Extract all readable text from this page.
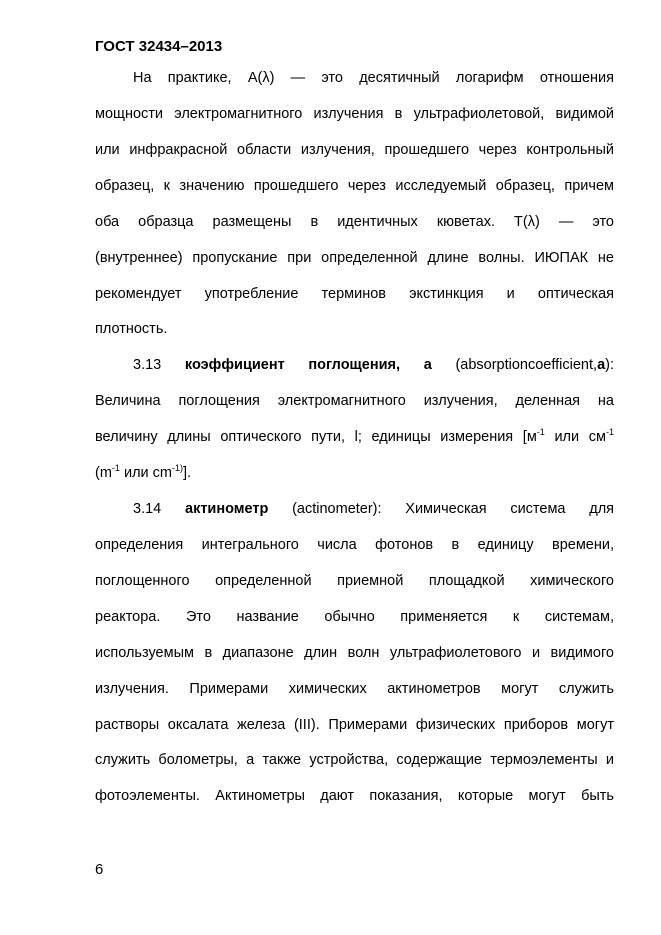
ГОСТ 32434–2013
На практике, A(λ) — это десятичный логарифм отношения
мощности электромагнитного излучения в ультрафиолетовой, видимой
или инфракрасной области излучения, прошедшего через контрольный
образец, к значению прошедшего через исследуемый образец, причем
оба образца размещены в идентичных кюветах. T(λ) — это
(внутреннее) пропускание при определенной длине волны. ИЮПАК не
рекомендует употребление терминов экстинкция и оптическая
плотность.
3.13 коэффициент поглощения, a (absorptioncoefficient,a):
Величина поглощения электромагнитного излучения, деленная на
величину длины оптического пути, l; единицы измерения [$м^{-1}$ или $см^{-1}$
($m^{-1}$ или $cm^{-1)}$].
3.14 актинометр (actinometer): Химическая система для
определения интегрального числа фотонов в единицу времени,
поглощенного определенной приемной площадкой химического
реактора. Это название обычно применяется к системам,
используемым в диапазоне длин волн ультрафиолетового и видимого
излучения. Примерами химических актинометров могут служить
растворы оксалата железа (III). Примерами физических приборов могут
служить болометры, а также устройства, содержащие термоэлементы и
фотоэлементы. Актинометры дают показания, которые могут быть
6
